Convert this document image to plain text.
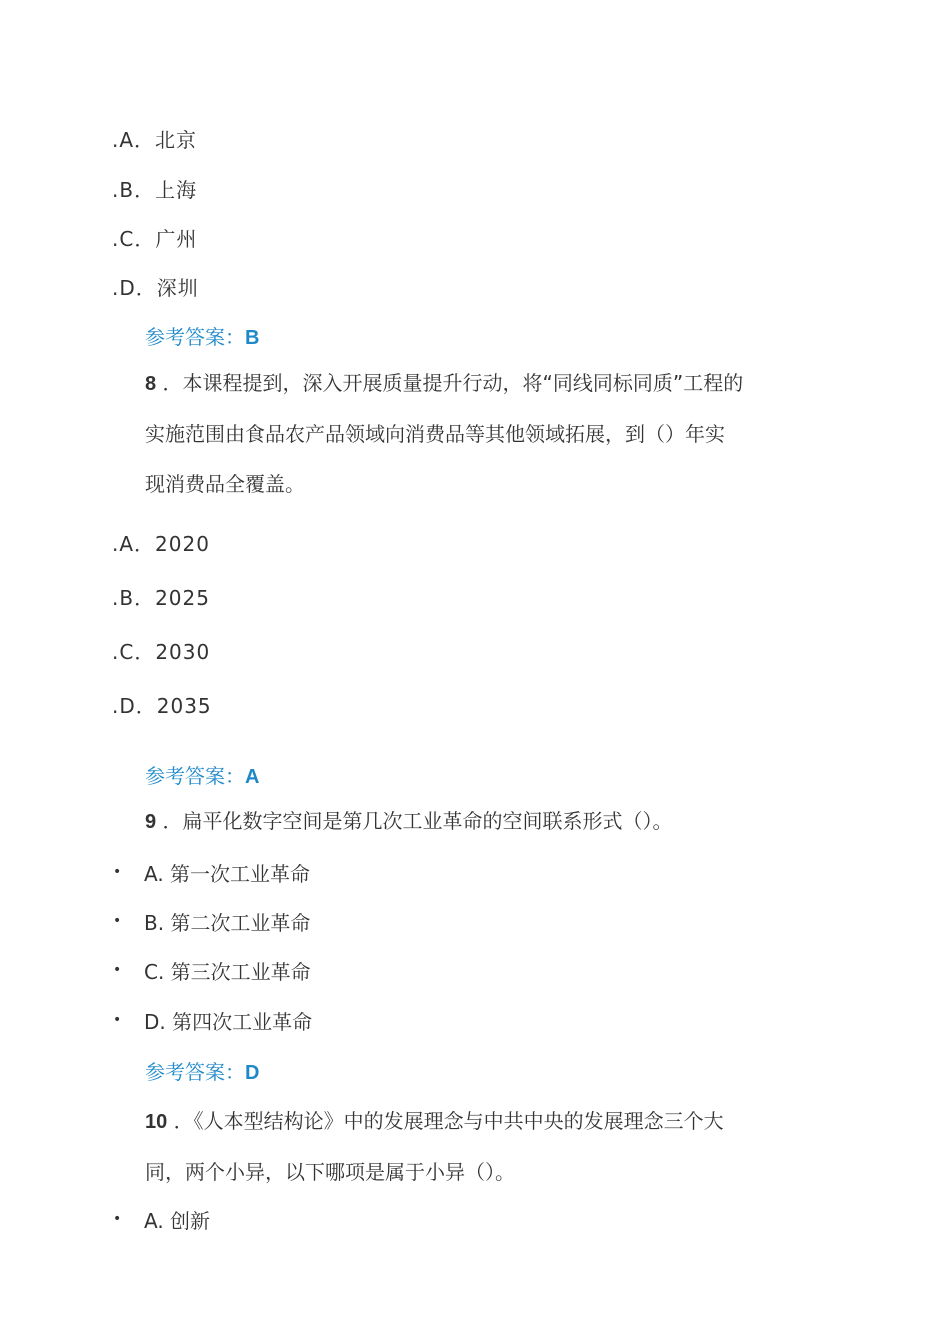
.A．北京
.B．上海
.C．广州
.D．深圳
参考答案：B
8 ．本课程提到，深入开展质量提升行动，将“同线同标同质”工程的
实施范围由食品农产品领域向消费品等其他领域拓展，到（）年实
现消费品全覆盖。
.A．2020
.B．2025
.C．2030
.D．2035
参考答案：A
9 ．扁平化数字空间是第几次工业革命的空间联系形式（）。
• A. 第一次工业革命
• B. 第二次工业革命
• C. 第三次工业革命
• D. 第四次工业革命
参考答案：D
10 ．《人本型结构论》中的发展理念与中共中央的发展理念三个大
同，两个小异，以下哪项是属于小异（）。
• A. 创新
